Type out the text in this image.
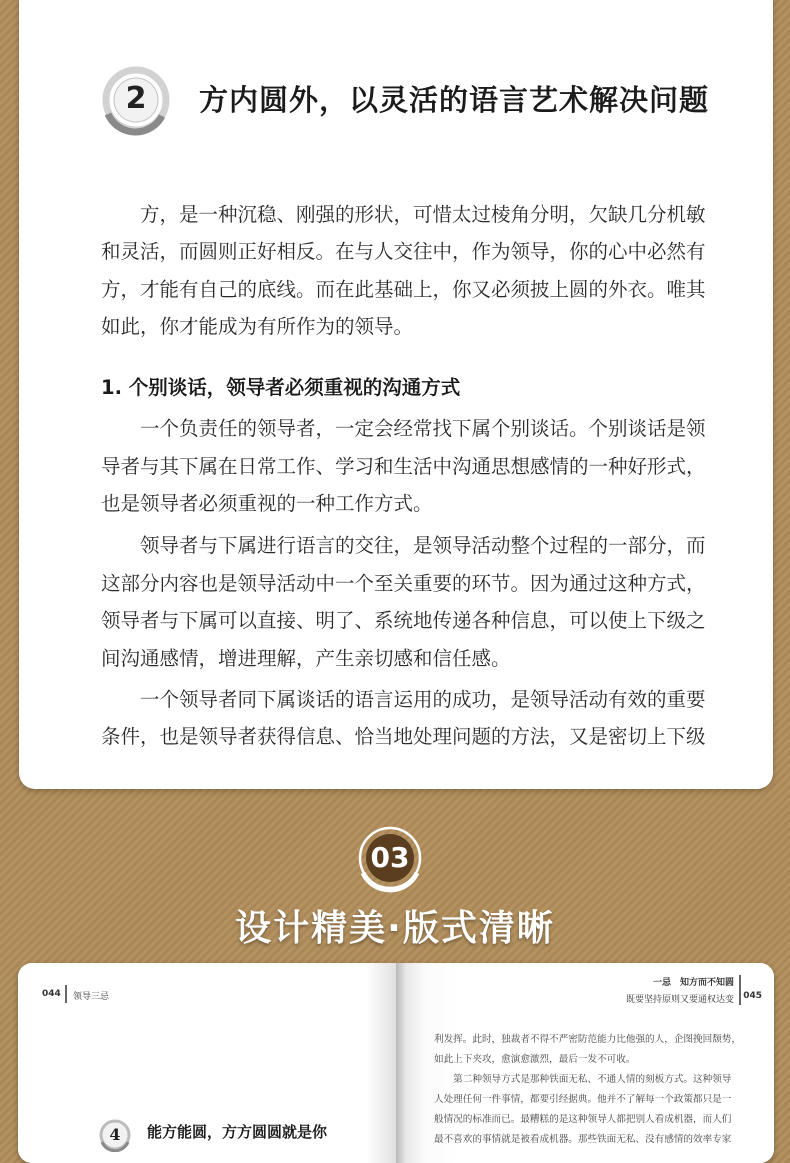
2	方内圆外，以灵活的语言艺术解决问题
　　方，是一种沉稳、刚强的形状，可惜太过棱角分明，欠缺几分机敏
和灵活，而圆则正好相反。在与人交往中，作为领导，你的心中必然有
方，才能有自己的底线。而在此基础上，你又必须披上圆的外衣。唯其
如此，你才能成为有所作为的领导。
1. 个别谈话，领导者必须重视的沟通方式
　　一个负责任的领导者，一定会经常找下属个别谈话。个别谈话是领
导者与其下属在日常工作、学习和生活中沟通思想感情的一种好形式，
也是领导者必须重视的一种工作方式。
　　领导者与下属进行语言的交往，是领导活动整个过程的一部分，而
这部分内容也是领导活动中一个至关重要的环节。因为通过这种方式，
领导者与下属可以直接、明了、系统地传递各种信息，可以使上下级之
间沟通感情，增进理解，产生亲切感和信任感。
　　一个领导者同下属谈话的语言运用的成功，是领导活动有效的重要
条件，也是领导者获得信息、恰当地处理问题的方法，又是密切上下级
03
设计精美·版式清晰
044 领导三忌
一忌　知方而不知圆
既要坚持原则又要通权达变 045
利发挥。此时，独裁者不得不严密防范能力比他强的人，企图挽回颓势，
如此上下夹攻，愈演愈激烈，最后一发不可收。
　　第二种领导方式是那种铁面无私、不通人情的刻板方式。这种领导
人处理任何一件事情，都要引经据典。他并不了解每一个政策都只是一
般情况的标准而已。最糟糕的是这种领导人都把别人看成机器，而人们
最不喜欢的事情就是被看成机器。那些铁面无私、没有感情的效率专家
4	能方能圆，方方圆圆就是你
